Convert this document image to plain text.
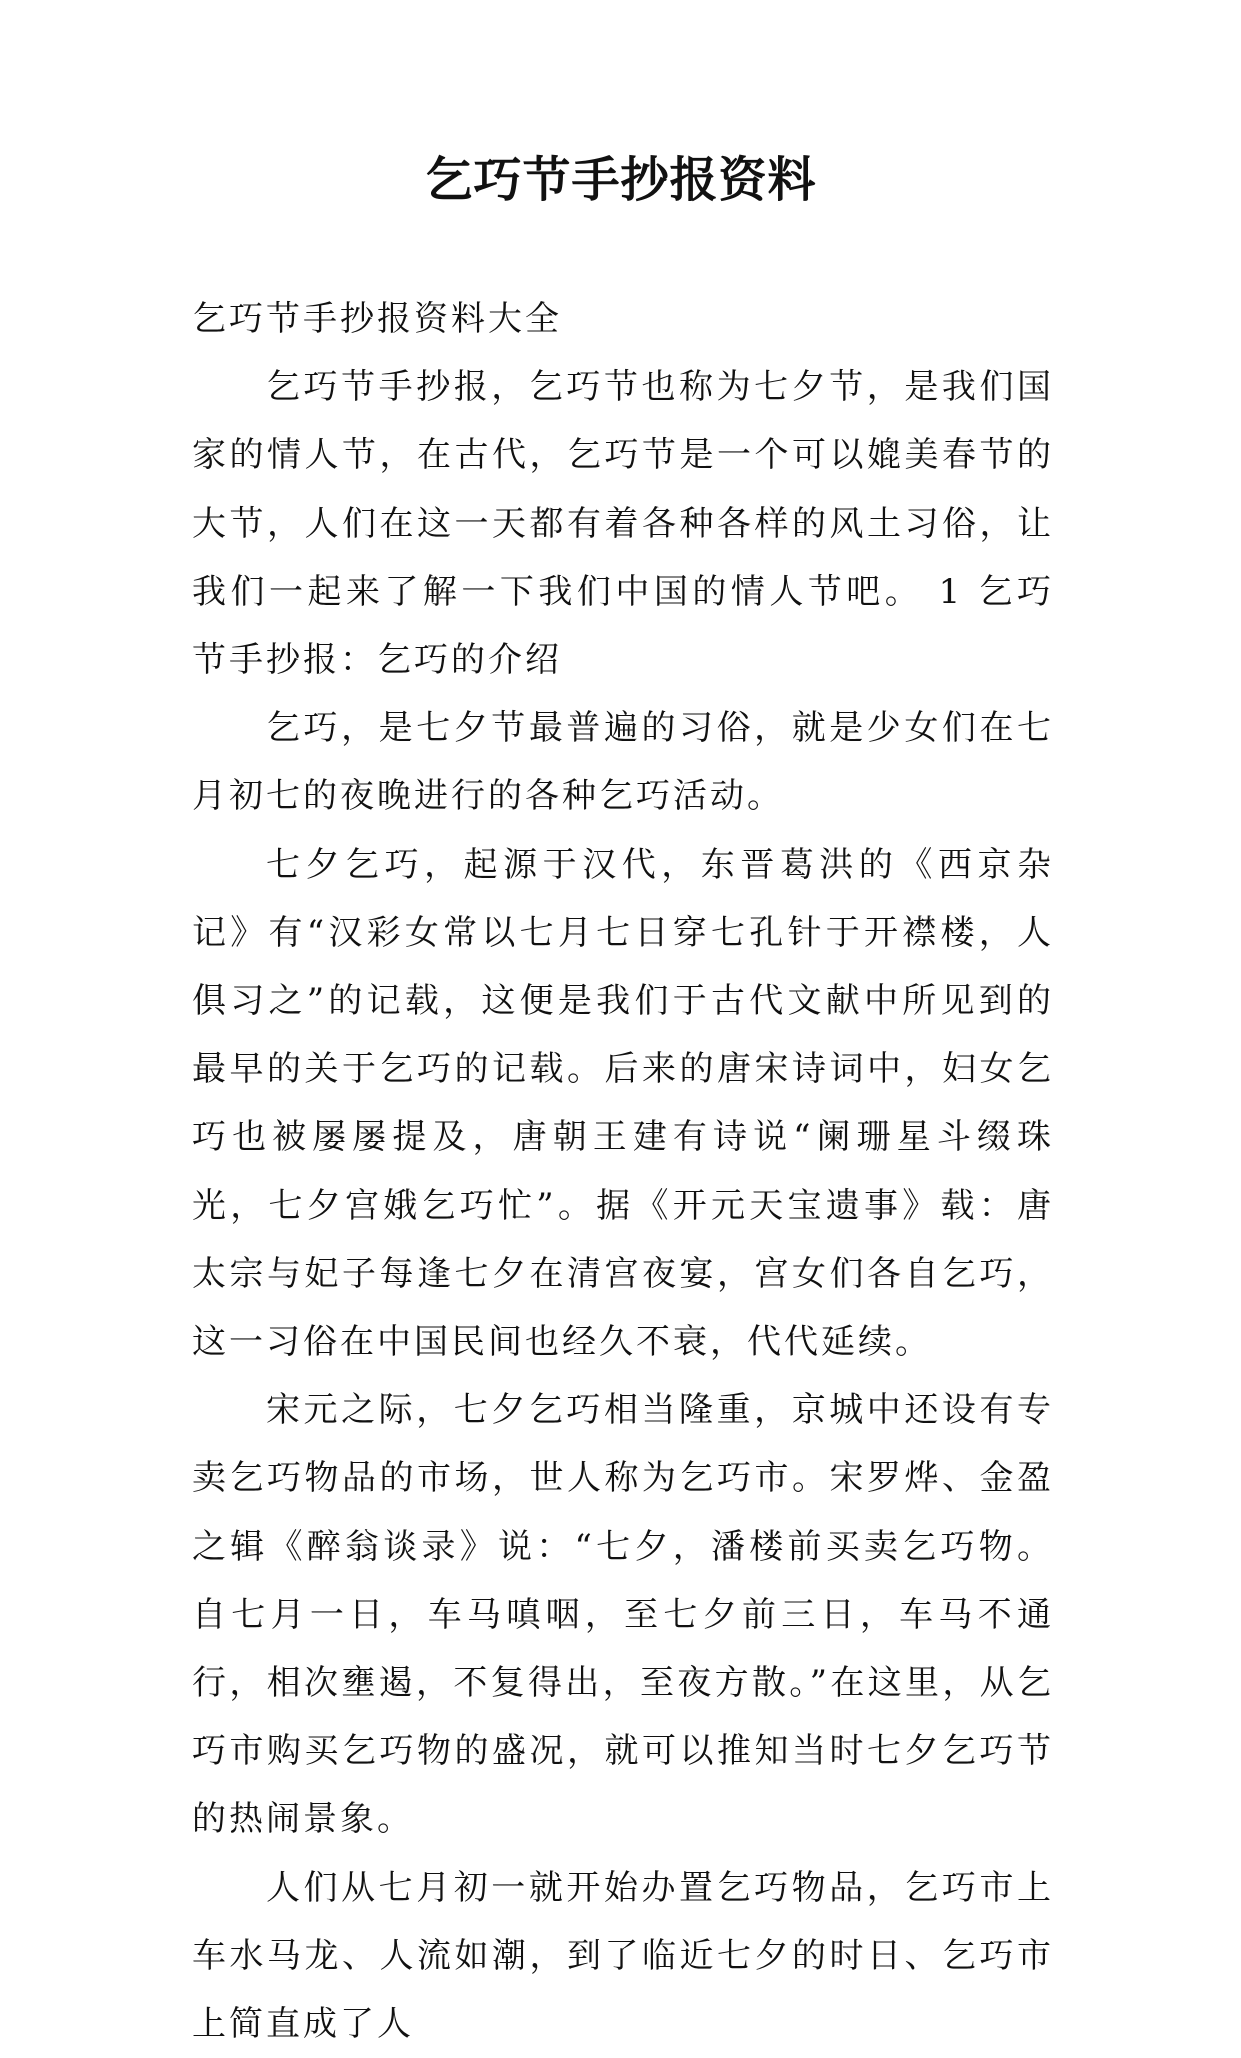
乞巧节手抄报资料

乞巧节手抄报资料大全

乞巧节手抄报，乞巧节也称为七夕节，是我们国家的情人节，在古代，乞巧节是一个可以媲美春节的大节，人们在这一天都有着各种各样的风土习俗，让我们一起来了解一下我们中国的情人节吧。 1 乞巧节手抄报：乞巧的介绍

乞巧，是七夕节最普遍的习俗，就是少女们在七月初七的夜晚进行的各种乞巧活动。

七夕乞巧，起源于汉代，东晋葛洪的《西京杂记》有“汉彩女常以七月七日穿七孔针于开襟楼，人俱习之”的记载，这便是我们于古代文献中所见到的最早的关于乞巧的记载。后来的唐宋诗词中，妇女乞巧也被屡屡提及，唐朝王建有诗说“阑珊星斗缀珠光，七夕宫娥乞巧忙”。据《开元天宝遗事》载：唐太宗与妃子每逢七夕在清宫夜宴，宫女们各自乞巧，这一习俗在中国民间也经久不衰，代代延续。

宋元之际，七夕乞巧相当隆重，京城中还设有专卖乞巧物品的市场，世人称为乞巧市。宋罗烨、金盈之辑《醉翁谈录》说：“七夕，潘楼前买卖乞巧物。自七月一日，车马嗔咽，至七夕前三日，车马不通行，相次壅遏，不复得出，至夜方散。”在这里，从乞巧市购买乞巧物的盛况，就可以推知当时七夕乞巧节的热闹景象。

人们从七月初一就开始办置乞巧物品，乞巧市上车水马龙、人流如潮，到了临近七夕的时日、乞巧市上简直成了人
